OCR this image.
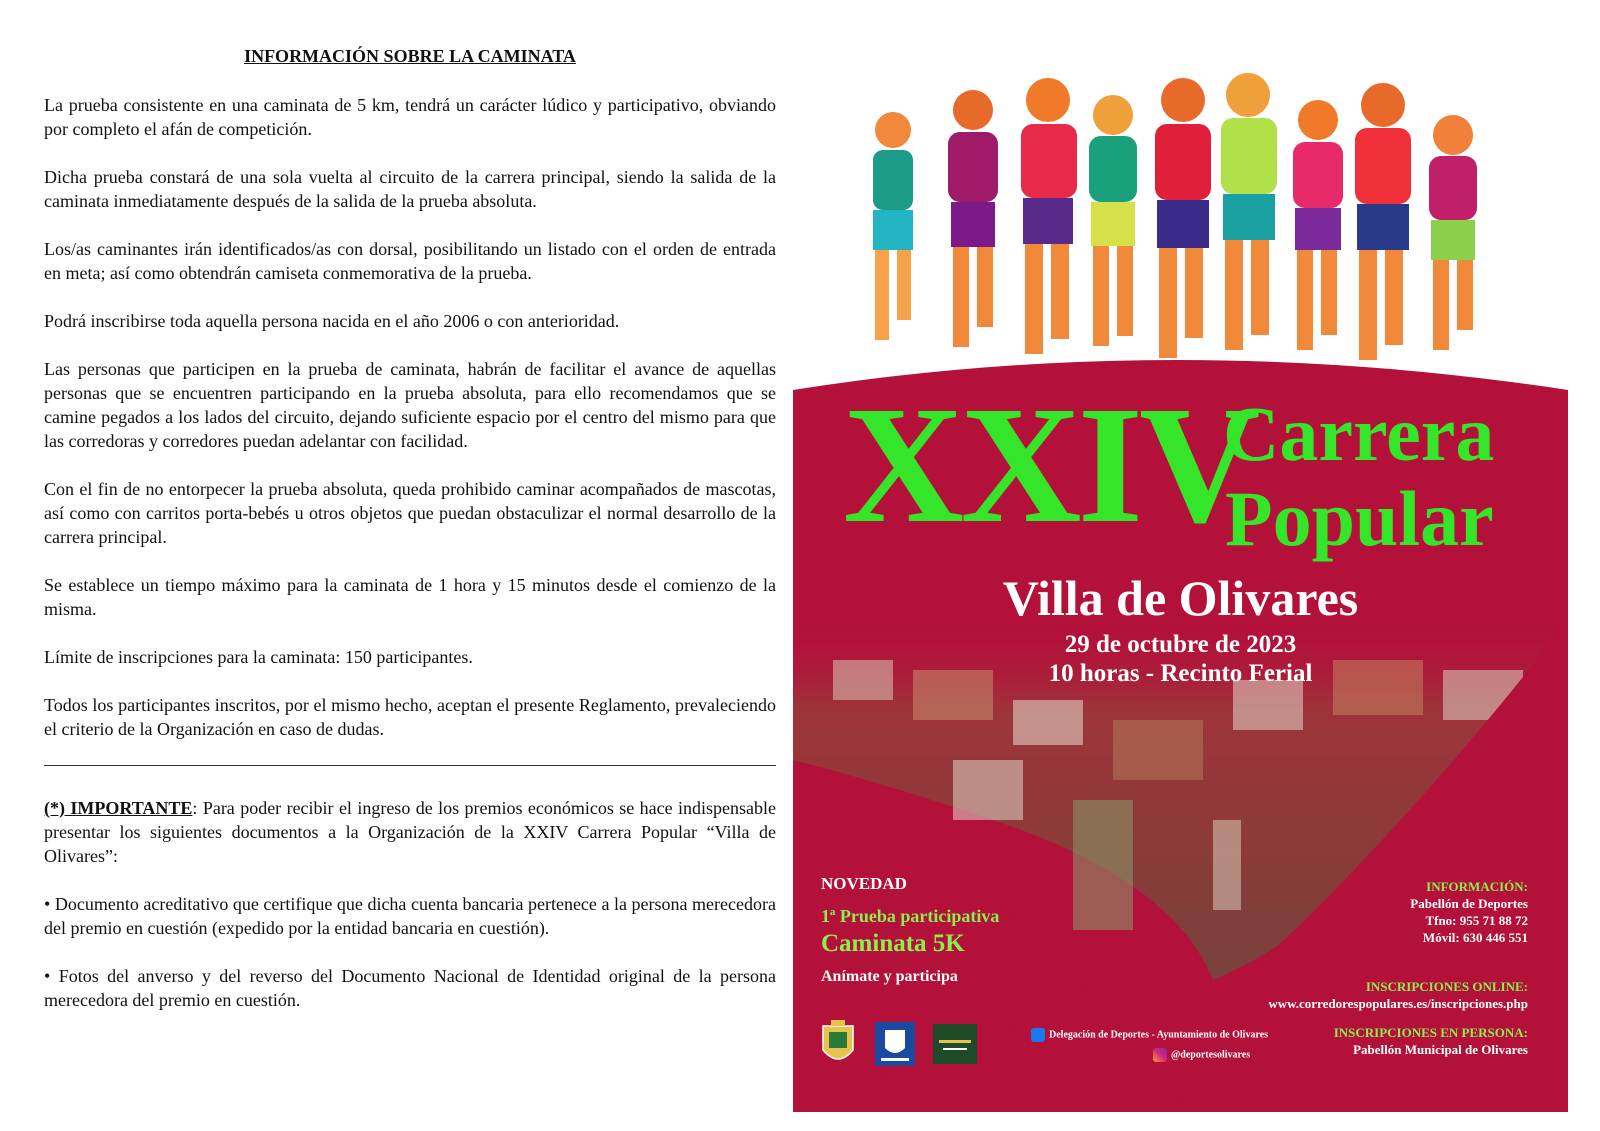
INFORMACIÓN SOBRE LA CAMINATA

La prueba consistente en una caminata de 5 km, tendrá un carácter lúdico y participativo, obviando por completo el afán de competición.

Dicha prueba constará de una sola vuelta al circuito de la carrera principal, siendo la salida de la caminata inmediatamente después de la salida de la prueba absoluta.

Los/as caminantes irán identificados/as con dorsal, posibilitando un listado con el orden de entrada en meta; así como obtendrán camiseta conmemorativa de la prueba.

Podrá inscribirse toda aquella persona nacida en el año 2006 o con anterioridad.

Las personas que participen en la prueba de caminata, habrán de facilitar el avance de aquellas personas que se encuentren participando en la prueba absoluta, para ello recomendamos que se camine pegados a los lados del circuito, dejando suficiente espacio por el centro del mismo para que las corredoras y corredores puedan adelantar con facilidad.

Con el fin de no entorpecer la prueba absoluta, queda prohibido caminar acompañados de mascotas, así como con carritos porta-bebés u otros objetos que puedan obstaculizar el normal desarrollo de la carrera principal.

Se establece un tiempo máximo para la caminata de 1 hora y 15 minutos desde el comienzo de la misma.

Límite de inscripciones para la caminata: 150 participantes.

Todos los participantes inscritos, por el mismo hecho, aceptan el presente Reglamento, prevaleciendo el criterio de la Organización en caso de dudas.

(*) IMPORTANTE: Para poder recibir el ingreso de los premios económicos se hace indispensable presentar los siguientes documentos a la Organización de la XXIV Carrera Popular “Villa de Olivares”:

• Documento acreditativo que certifique que dicha cuenta bancaria pertenece a la persona merecedora del premio en cuestión (expedido por la entidad bancaria en cuestión).

• Fotos del anverso y del reverso del Documento Nacional de Identidad original de la persona merecedora del premio en cuestión.

XXIV
Carrera
Popular
Villa de Olivares
29 de octubre de 2023
10 horas - Recinto Ferial
NOVEDAD
1ª Prueba participativa
Caminata 5K
Anímate y participa
INFORMACIÓN:
Pabellón de Deportes
Tfno: 955 71 88 72
Móvil: 630 446 551
INSCRIPCIONES ONLINE:
www.corredorespopulares.es/inscripciones.php
INSCRIPCIONES EN PERSONA:
Pabellón Municipal de Olivares
Delegación de Deportes - Ayuntamiento de Olivares
@deportesolivares
